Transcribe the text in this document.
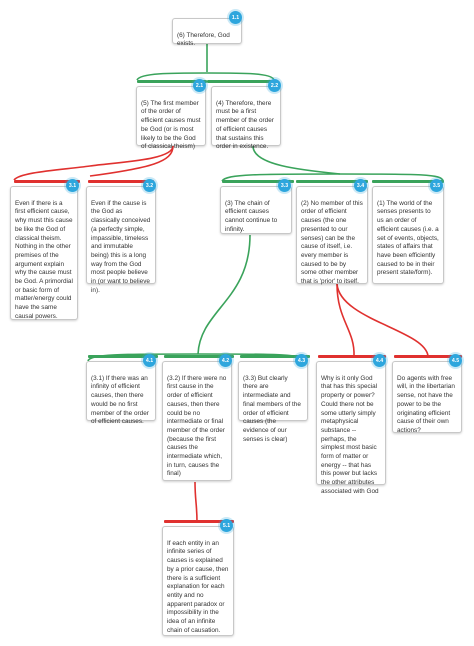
(6) Therefore, God exists.

1.1

(5) The first member of the order of efficient causes must be God (or is most likely to be the God of classical theism)

2.1

(4) Therefore, there must be a first member of the order of efficient causes that sustains this order in existence.

2.2

Even if there is a first efficient cause, why must this cause be like the God of classical theism. Nothing in the other premises of the argument explain why the cause must be God. A primordial or basic form of matter/energy could have the same causal powers.

3.1

Even if the cause is the God as classically conceived (a perfectly simple, impassible, timeless and immutable being) this is a long way from the God most people believe in (or want to believe in).

3.2

(3) The chain of efficient causes cannot continue to infinity.

3.3

(2) No member of this order of efficient causes (the one presented to our senses) can be the cause of itself, i.e. every member is caused to be by some other member that is 'prior' to itself.

3.4

(1) The world of the senses presents to us an order of efficient causes (i.e. a set of events, objects, states of affairs that have been efficiently caused to be in their present state/form).

3.5

(3.1) If there was an infinity of efficient causes, then there would be no first member of the order of efficient causes.

4.1

(3.2) If there were no first cause in the order of efficient causes, then there could be no intermediate or final member of the order (because the first causes the intermediate which, in turn, causes the final)

4.2

(3.3) But clearly there are intermediate and final members of the order of efficient causes (the evidence of our senses is clear)

4.3

Why is it only God that has this special property or power? Could there not be some utterly simply metaphysical substance -- perhaps, the simplest most basic form of matter or energy -- that has this power but lacks the other attributes associated with God

4.4

Do agents with free will, in the libertarian sense, not have the power to be the originating efficient cause of their own actions?

4.5

If each entity in an infinite series of causes is explained by a prior cause, then there is a sufficient explanation for each entity and no apparent paradox or impossibility in the idea of an infinite chain of causation.

5.1
